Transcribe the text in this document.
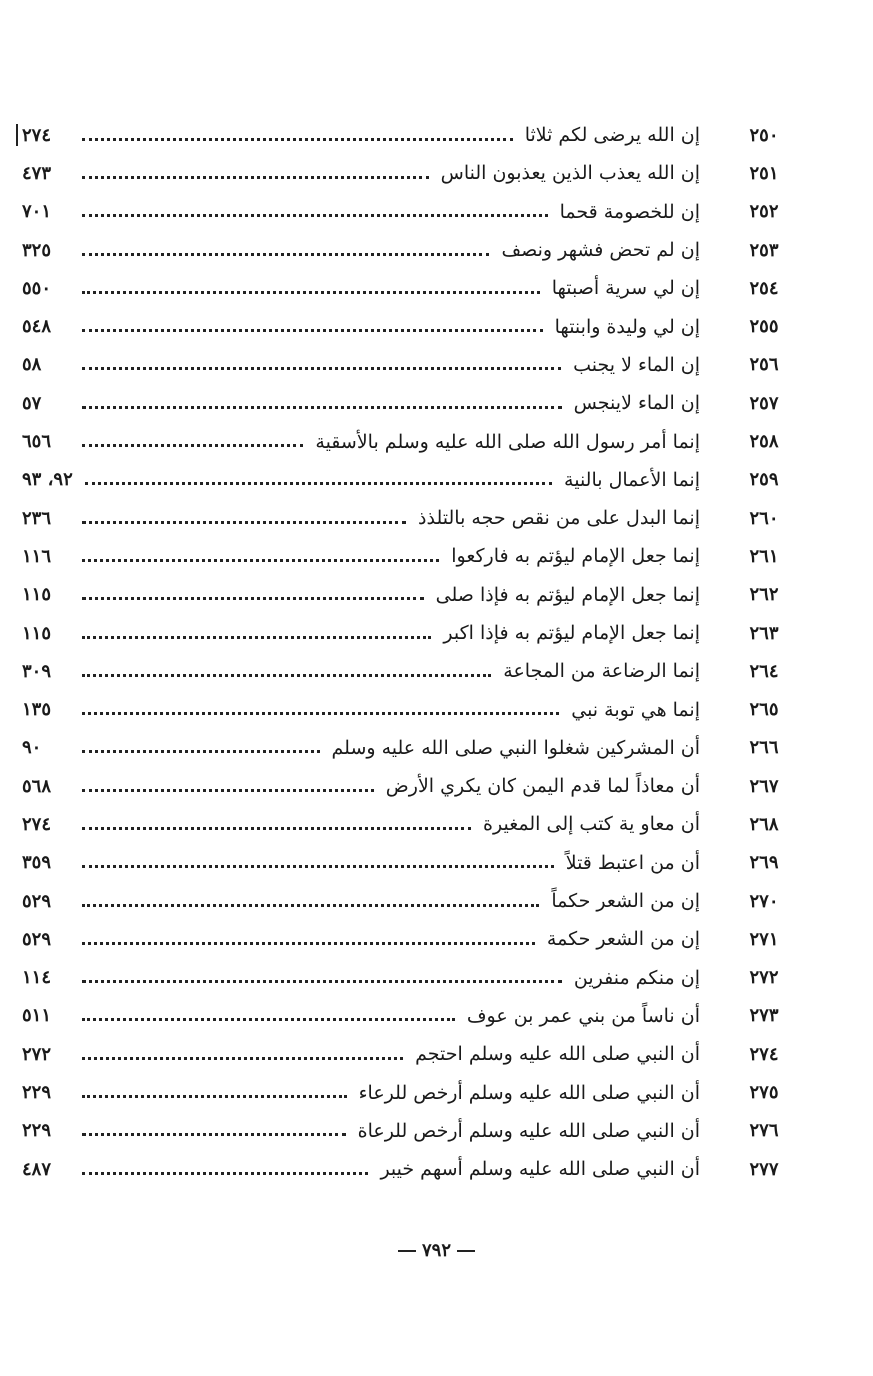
٢٥٠
إن الله يرضى لكم ثلاثا
٢٧٤
٢٥١
إن الله يعذب الذين يعذبون الناس
٤٧٣
٢٥٢
إن للخصومة قحما
٧٠١
٢٥٣
إن لم تحض فشهر ونصف
٣٢٥
٢٥٤
إن لي سرية أصبتها
٥٥٠
٢٥٥
إن لي وليدة وابنتها
٥٤٨
٢٥٦
إن الماء لا يجنب
٥٨
٢٥٧
إن الماء لاينجس
٥٧
٢٥٨
إنما أمر رسول الله صلى الله عليه وسلم بالأسقية
٦٥٦
٢٥٩
إنما الأعمال بالنية
٩٢، ٩٣
٢٦٠
إنما البدل على من نقص حجه بالتلذذ
٢٣٦
٢٦١
إنما جعل الإمام ليؤتم به فاركعوا
١١٦
٢٦٢
إنما جعل الإمام ليؤتم به فإذا صلى
١١٥
٢٦٣
إنما جعل الإمام ليؤتم به فإذا اكبر
١١٥
٢٦٤
إنما الرضاعة من المجاعة
٣٠٩
٢٦٥
إنما هي توبة نبي
١٣٥
٢٦٦
أن المشركين شغلوا النبي صلى الله عليه وسلم
٩٠
٢٦٧
أن معاذاً لما قدم اليمن كان يكري الأرض
٥٦٨
٢٦٨
أن معاو ية كتب إلى المغيرة
٢٧٤
٢٦٩
أن من اعتبط قتلاً
٣٥٩
٢٧٠
إن من الشعر حكماً
٥٢٩
٢٧١
إن من الشعر حكمة
٥٢٩
٢٧٢
إن منكم منفرين
١١٤
٢٧٣
أن ناساً من بني عمر بن عوف
٥١١
٢٧٤
أن النبي صلى الله عليه وسلم احتجم
٢٧٢
٢٧٥
أن النبي صلى الله عليه وسلم أرخص للرعاء
٢٢٩
٢٧٦
أن النبي صلى الله عليه وسلم أرخص للرعاة
٢٢٩
٢٧٧
أن النبي صلى الله عليه وسلم أسهم خيبر
٤٨٧
٧٩٢
